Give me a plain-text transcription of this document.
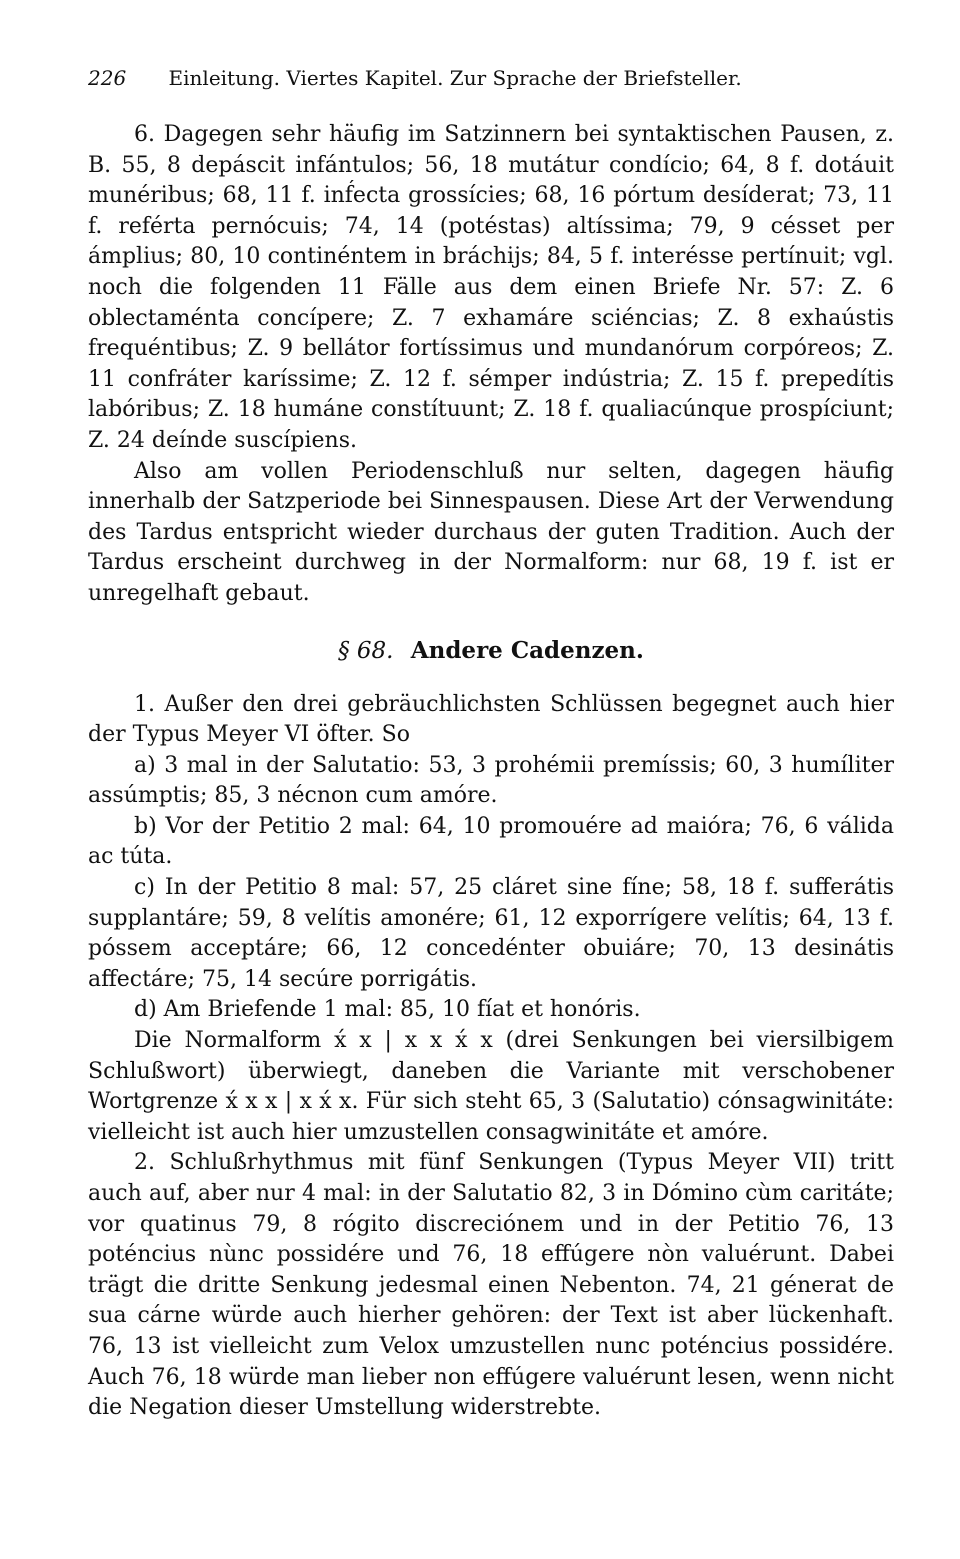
226 Einleitung. Viertes Kapitel. Zur Sprache der Briefsteller.

6. Dagegen sehr häufig im Satzinnern bei syntaktischen Pausen, z. B. 55, 8 depáscit infántulos; 56, 18 mutátur condício; 64, 8 f. dotáuit munéribus; 68, 11 f. inf́ecta grossícies; 68, 16 pórtum desíderat; 73, 11 f. reférta pernócuis; 74, 14 (potéstas) altíssima; 79, 9 césset per ámplius; 80, 10 continéntem in bráchijs; 84, 5 f. interésse pertínuit; vgl. noch die folgenden 11 Fälle aus dem einen Briefe Nr. 57: Z. 6 oblectaménta concípere; Z. 7 exhamáre sciéncias; Z. 8 exhaústis frequéntibus; Z. 9 bellátor fortíssimus und mundanórum corpóreos; Z. 11 confráter karíssime; Z. 12 f. sémper indústria; Z. 15 f. prepedítis labóribus; Z. 18 humáne constítuunt; Z. 18 f. qualiacúnque prospíciunt; Z. 24 deínde suscípiens.

Also am vollen Periodenschluß nur selten, dagegen häufig innerhalb der Satzperiode bei Sinnespausen. Diese Art der Verwendung des Tardus entspricht wieder durchaus der guten Tradition. Auch der Tardus erscheint durchweg in der Normalform: nur 68, 19 f. ist er unregelhaft gebaut.

§ 68. Andere Cadenzen.

1. Außer den drei gebräuchlichsten Schlüssen begegnet auch hier der Typus Meyer VI öfter. So

a) 3 mal in der Salutatio: 53, 3 prohémii premíssis; 60, 3 humíliter assúmptis; 85, 3 nécnon cum amóre.

b) Vor der Petitio 2 mal: 64, 10 promouére ad maióra; 76, 6 válida ac túta.

c) In der Petitio 8 mal: 57, 25 cláret sine fíne; 58, 18 f. sufferátis supplantáre; 59, 8 velítis amonére; 61, 12 exporrígere velítis; 64, 13 f. póssem acceptáre; 66, 12 concedénter obuiáre; 70, 13 desinátis affectáre; 75, 14 secúre porrigátis.

d) Am Briefende 1 mal: 85, 10 fíat et honóris.

Die Normalform x́ x | x x x́ x (drei Senkungen bei viersilbigem Schlußwort) überwiegt, daneben die Variante mit verschobener Wortgrenze x́ x x | x x́ x. Für sich steht 65, 3 (Salutatio) cónsagwinitáte: vielleicht ist auch hier umzustellen consagwinitáte et amóre.

2. Schlußrhythmus mit fünf Senkungen (Typus Meyer VII) tritt auch auf, aber nur 4 mal: in der Salutatio 82, 3 in Dómino cùm caritáte; vor quatinus 79, 8 rógito discreciónem und in der Petitio 76, 13 poténcius nùnc possidére und 76, 18 effúgere nòn valuérunt. Dabei trägt die dritte Senkung jedesmal einen Nebenton. 74, 21 génerat de sua cárne würde auch hierher gehören: der Text ist aber lückenhaft. 76, 13 ist vielleicht zum Velox umzustellen nunc poténcius possidére. Auch 76, 18 würde man lieber non effúgere valuérunt lesen, wenn nicht die Negation dieser Umstellung widerstrebte.
